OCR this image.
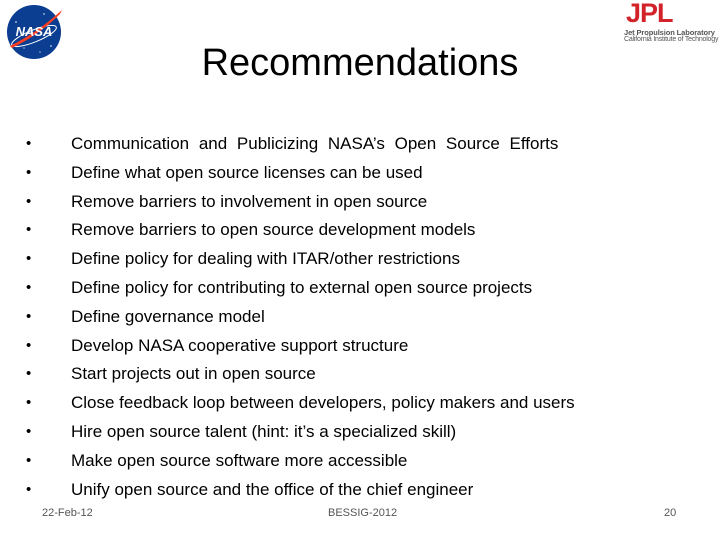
NASA
JPL
Jet Propulsion Laboratory
California Institute of Technology
Recommendations
•	Communication and Publicizing NASA’s Open Source Efforts
•	Define what open source licenses can be used
•	Remove barriers to involvement in open source
•	Remove barriers to open source development models
•	Define policy for dealing with ITAR/other restrictions
•	Define policy for contributing to external open source projects
•	Define governance model
•	Develop NASA cooperative support structure
•	Start projects out in open source
•	Close feedback loop between developers, policy makers and users
•	Hire open source talent (hint: it’s a specialized skill)
•	Make open source software more accessible
•	Unify open source and the office of the chief engineer
22-Feb-12	BESSIG-2012	20
